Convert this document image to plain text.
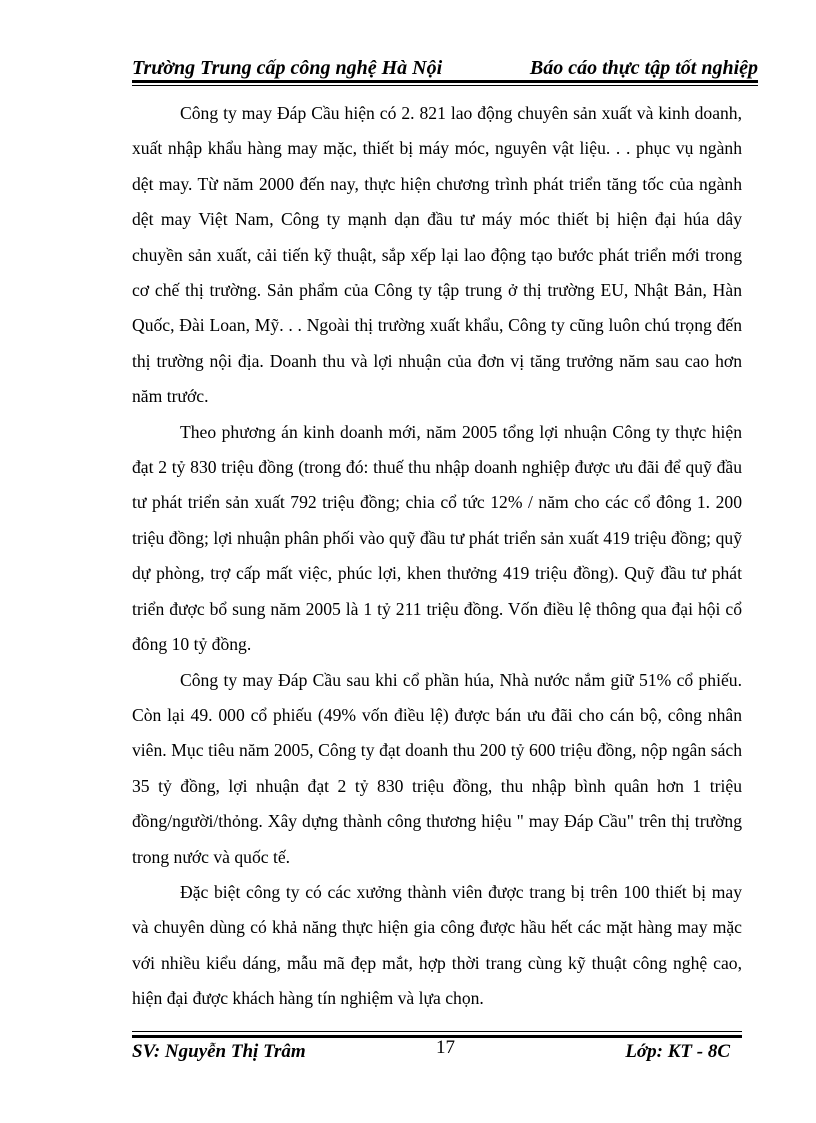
Trường Trung cấp công nghệ Hà Nội	Báo cáo thực tập tốt nghiệp

Công ty may Đáp Cầu hiện có 2. 821 lao động chuyên sản xuất và kinh doanh, xuất nhập khẩu hàng may mặc, thiết bị máy móc, nguyên vật liệu. . . phục vụ ngành dệt may. Từ năm 2000 đến nay, thực hiện chương trình phát triển tăng tốc của ngành dệt may Việt Nam, Công ty mạnh dạn đầu tư máy móc thiết bị hiện đại húa dây chuyền sản xuất, cải tiến kỹ thuật, sắp xếp lại lao động tạo bước phát triển mới trong cơ chế thị trường. Sản phẩm của Công ty tập trung ở thị trường EU, Nhật Bản, Hàn Quốc, Đài Loan, Mỹ. . . Ngoài thị trường xuất khẩu, Công ty cũng luôn chú trọng đến thị trường nội địa. Doanh thu và lợi nhuận của đơn vị tăng trưởng năm sau cao hơn năm trước.

Theo phương án kinh doanh mới, năm 2005 tổng lợi nhuận Công ty thực hiện đạt 2 tỷ 830 triệu đồng (trong đó: thuế thu nhập doanh nghiệp được ưu đãi để quỹ đầu tư phát triển sản xuất 792 triệu đồng; chia cổ tức 12% / năm cho các cổ đông 1. 200 triệu đồng; lợi nhuận phân phối vào quỹ đầu tư phát triển sản xuất 419 triệu đồng; quỹ dự phòng, trợ cấp mất việc, phúc lợi, khen thưởng 419 triệu đồng). Quỹ đầu tư phát triển được bổ sung năm 2005 là 1 tỷ 211 triệu đồng. Vốn điều lệ thông qua đại hội cổ đông 10 tỷ đồng.

Công ty may Đáp Cầu sau khi cổ phần húa, Nhà nước nắm giữ 51% cổ phiếu. Còn lại 49. 000 cổ phiếu (49% vốn điều lệ) được bán ưu đãi cho cán bộ, công nhân viên. Mục tiêu năm 2005, Công ty đạt doanh thu 200 tỷ 600 triệu đồng, nộp ngân sách 35 tỷ đồng, lợi nhuận đạt 2 tỷ 830 triệu đồng, thu nhập bình quân hơn 1 triệu đồng/người/thỏng. Xây dựng thành công thương hiệu " may Đáp Cầu" trên thị trường trong nước và quốc tế.

Đặc biệt công ty có các xưởng thành viên được trang bị trên 100 thiết bị may và chuyên dùng có khả năng thực hiện gia công được hầu hết các mặt hàng may mặc với nhiều kiểu dáng, mẫu mã đẹp mắt, hợp thời trang cùng kỹ thuật công nghệ cao, hiện đại được khách hàng tín nghiệm và lựa chọn.

SV: Nguyễn Thị Trâm	17	Lớp: KT - 8C
